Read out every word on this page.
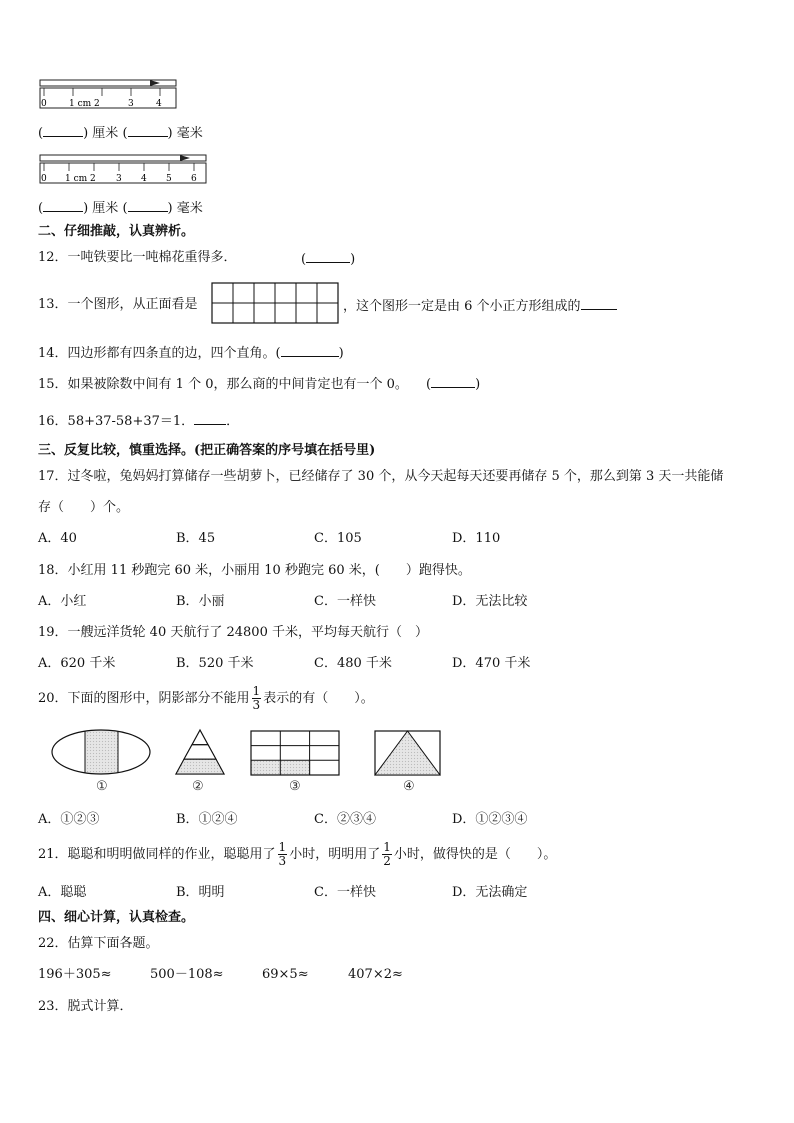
0 1 cm 2	3 4
(	) 厘米 (	) 毫米
0 1 cm 2 3 4 5 6
(	) 厘米 (	) 毫米
二、仔细推敲，认真辨析。
12．一吨铁要比一吨棉花重得多．	(	)
13．一个图形，从正面看是	，这个图形一定是由 6 个小正方形组成的
14．四边形都有四条直的边，四个直角。(	)
15．如果被除数中间有 1 个 0，那么商的中间肯定也有一个 0。 (	)
16．58+37-58+37＝1． ．
三、反复比较，慎重选择。(把正确答案的序号填在括号里)
17．过冬啦，兔妈妈打算储存一些胡萝卜，已经储存了 30 个，从今天起每天还要再储存 5 个，那么到第 3 天一共能储
存（　　）个。
A．40	B．45	C．105	D．110
18．小红用 11 秒跑完 60 米，小丽用 10 秒跑完 60 米，(　　）跑得快。
A．小红	B．小丽	C．一样快	D．无法比较
19．一艘远洋货轮 40 天航行了 24800 千米，平均每天航行（　）
A．620 千米	B．520 千米	C．480 千米	D．470 千米
20．下面的图形中，阴影部分不能用 $\frac{1}{3}$ 表示的有（　　）。
①	②	③	④
A．①②③	B．①②④	C．②③④	D．①②③④
21．聪聪和明明做同样的作业，聪聪用了 $\frac{1}{3}$ 小时，明明用了 $\frac{1}{2}$ 小时，做得快的是（　　）。
A．聪聪	B．明明	C．一样快	D．无法确定
四、细心计算，认真检查。
22．估算下面各题。
196＋305≈	500－108≈	69×5≈	407×2≈
23．脱式计算．
